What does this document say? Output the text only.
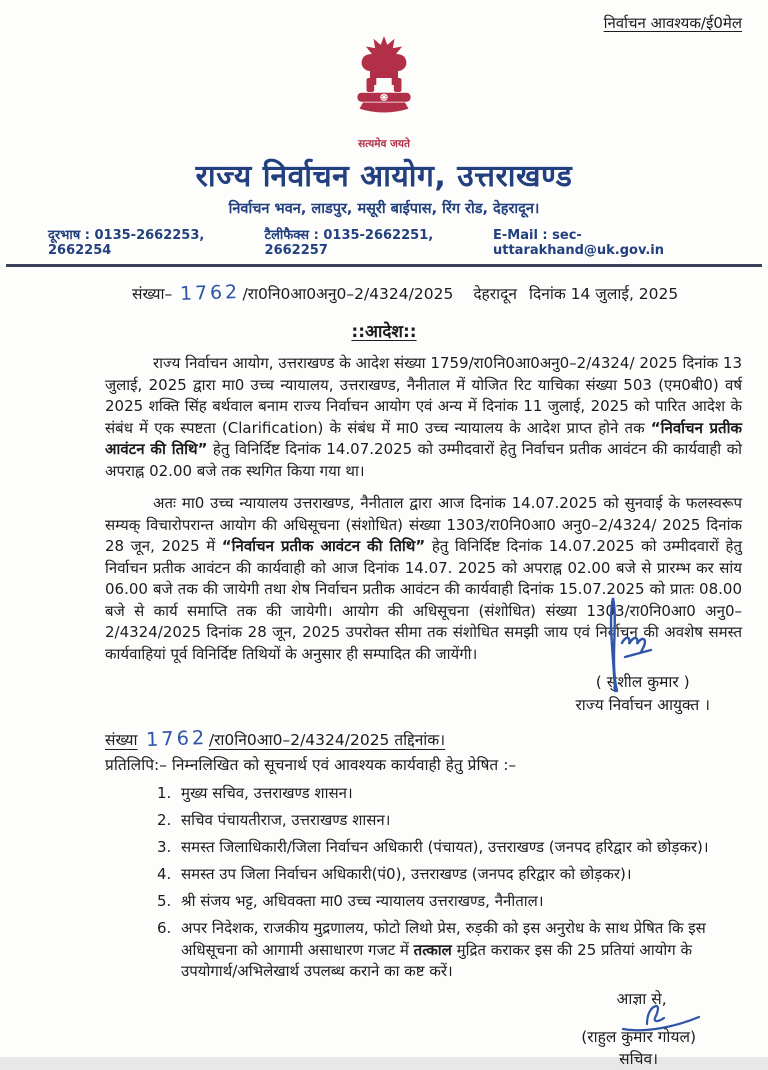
निर्वाचन आवश्यक/ई0मेल
सत्यमेव जयते
राज्य निर्वाचन आयोग, उत्तराखण्ड
निर्वाचन भवन, लाडपुर, मसूरी बाईपास, रिंग रोड, देहरादून।
दूरभाष : 0135-2662253, 2662254
टैलीफैक्स : 0135-2662251, 2662257
E-Mail : sec-uttarakhand@uk.gov.in
संख्या– 1762 /रा0नि0आ0अनु0–2/4324/2025 देहरादून दिनांक 14 जुलाई, 2025
::आदेश::

राज्य निर्वाचन आयोग, उत्तराखण्ड के आदेश संख्या 1759/रा0नि0आ0अनु0–2/4324/ 2025 दिनांक 13 जुलाई, 2025 द्वारा मा0 उच्च न्यायालय, उत्तराखण्ड, नैनीताल में योजित रिट याचिका संख्या 503 (एम0बी0) वर्ष 2025 शक्ति सिंह बर्थवाल बनाम राज्य निर्वाचन आयोग एवं अन्य में दिनांक 11 जुलाई, 2025 को पारित आदेश के संबंध में एक स्पष्टता (Clarification) के संबंध में मा0 उच्च न्यायालय के आदेश प्राप्त होने तक “निर्वाचन प्रतीक आवंटन की तिथि” हेतु विनिर्दिष्ट दिनांक 14.07.2025 को उम्मीदवारों हेतु निर्वाचन प्रतीक आवंटन की कार्यवाही को अपराह्न 02.00 बजे तक स्थगित किया गया था।

अतः मा0 उच्च न्यायालय उत्तराखण्ड, नैनीताल द्वारा आज दिनांक 14.07.2025 को सुनवाई के फलस्वरूप सम्यक् विचारोपरान्त आयोग की अधिसूचना (संशोधित) संख्या 1303/रा0नि0आ0 अनु0–2/4324/ 2025 दिनांक 28 जून, 2025 में “निर्वाचन प्रतीक आवंटन की तिथि” हेतु विनिर्दिष्ट दिनांक 14.07.2025 को उम्मीदवारों हेतु निर्वाचन प्रतीक आवंटन की कार्यवाही को आज दिनांक 14.07. 2025 को अपराह्न 02.00 बजे से प्रारम्भ कर सांय 06.00 बजे तक की जायेगी तथा शेष निर्वाचन प्रतीक आवंटन की कार्यवाही दिनांक 15.07.2025 को प्रातः 08.00 बजे से कार्य समाप्ति तक की जायेगी। आयोग की अधिसूचना (संशोधित) संख्या 1303/रा0नि0आ0 अनु0–2/4324/2025 दिनांक 28 जून, 2025 उपरोक्त सीमा तक संशोधित समझी जाय एवं निर्वाचन की अवशेष समस्त कार्यवाहियां पूर्व विनिर्दिष्ट तिथियों के अनुसार ही सम्पादित की जायेंगी।

( सुशील कुमार )
राज्य निर्वाचन आयुक्त ।
संख्या 1762 /रा0नि0आ0–2/4324/2025 तद्दिनांक।
प्रतिलिपि:– निम्नलिखित को सूचनार्थ एवं आवश्यक कार्यवाही हेतु प्रेषित :–
1. मुख्य सचिव, उत्तराखण्ड शासन।
2. सचिव पंचायतीराज, उत्तराखण्ड शासन।
3. समस्त जिलाधिकारी/जिला निर्वाचन अधिकारी (पंचायत), उत्तराखण्ड (जनपद हरिद्वार को छोड़कर)।
4. समस्त उप जिला निर्वाचन अधिकारी(पं0), उत्तराखण्ड (जनपद हरिद्वार को छोड़कर)।
5. श्री संजय भट्ट, अधिवक्ता मा0 उच्च न्यायालय उत्तराखण्ड, नैनीताल।
6. अपर निदेशक, राजकीय मुद्रणालय, फोटो लिथो प्रेस, रुड़की को इस अनुरोध के साथ प्रेषित कि इस अधिसूचना को आगामी असाधारण गजट में तत्काल मुद्रित कराकर इस की 25 प्रतियां आयोग के उपयोगार्थ/अभिलेखार्थ उपलब्ध कराने का कष्ट करें।
आज्ञा से,
(राहुल कुमार गोयल)
सचिव।
